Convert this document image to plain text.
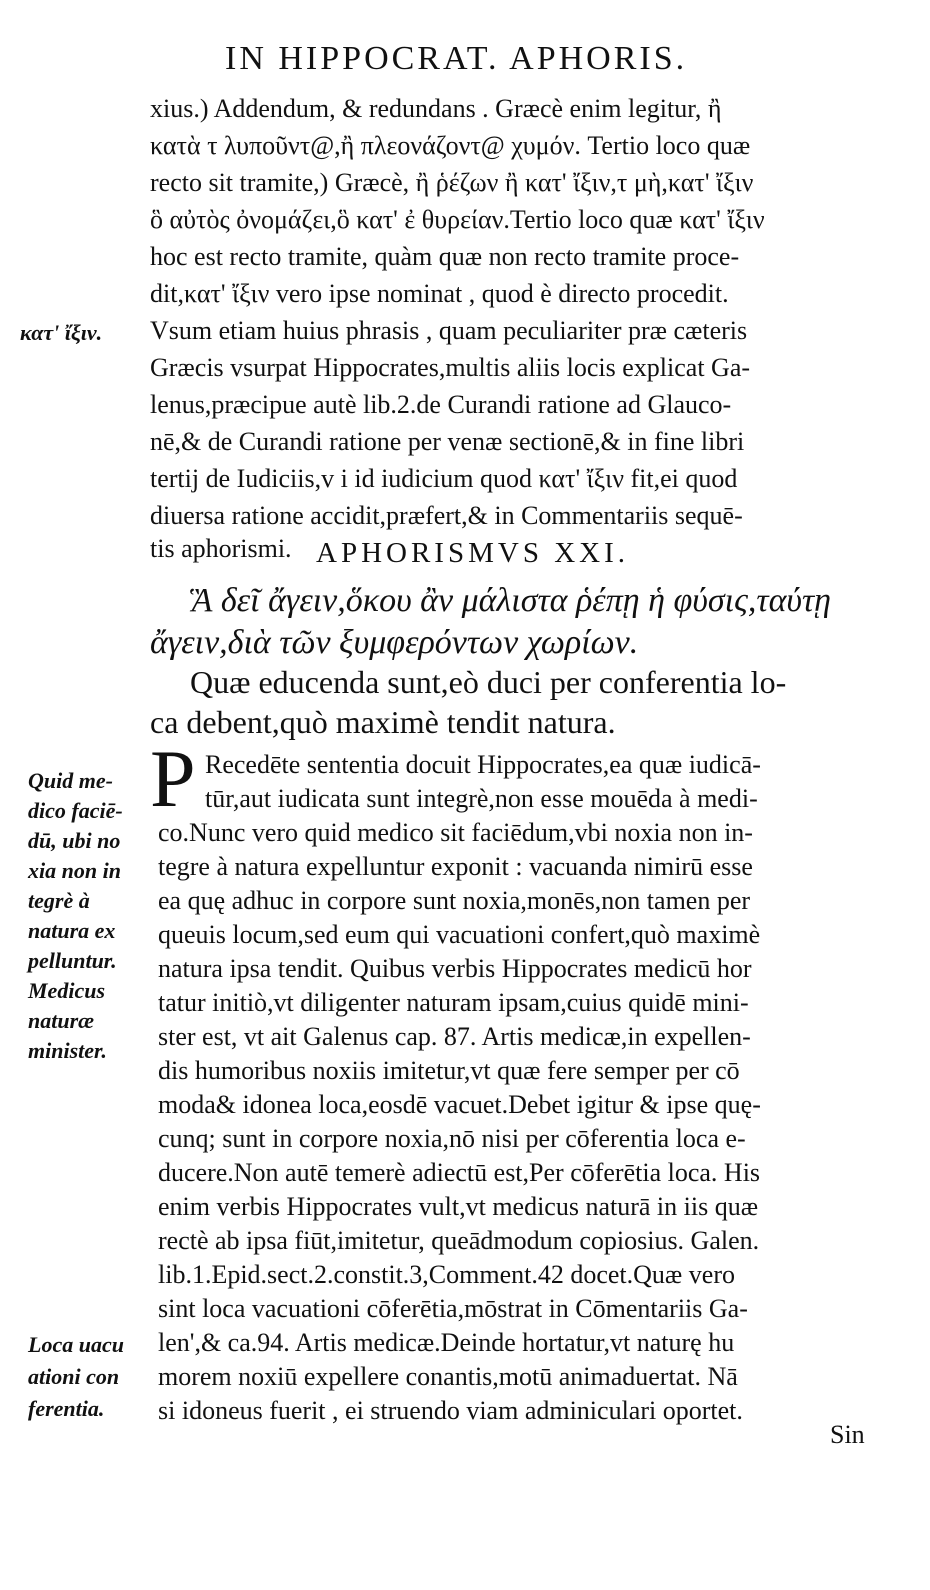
IN HIPPOCRAT. APHORIS.
xius.) Addendum, & redundans . Græcè enim legitur, ἢ
κατὰ τ λυποῦντ@,ἢ πλεονάζοντ@ χυμόν. Tertio loco quæ
recto sit tramite,) Græcè, ἢ ῥέζων ἢ κατ' ἴξιν,τ μὴ,κατ' ἴξιν
ὃ αὐτὸς ὀνομάζει,ὃ κατ' ἐ θυρείαν.Tertio loco quæ κατ' ἴξιν
hoc est recto tramite, quàm quæ non recto tramite proce-
dit,κατ' ἴξιν vero ipse nominat , quod è directo procedit.
Vsum etiam huius phrasis , quam peculiariter præ cæteris
Græcis vsurpat Hippocrates,multis aliis locis explicat Ga-
lenus,præcipue autè lib.2.de Curandi ratione ad Glauco-
nē,& de Curandi ratione per venæ sectionē,& in fine libri
tertij de Iudiciis,v i id iudicium quod κατ' ἴξιν fit,ei quod
diuersa ratione accidit,præfert,& in Commentariis sequē-
tis aphorismi.
κατ' ἴξιν.
APHORISMVS XXI.
Ἃ δεῖ ἄγειν,ὅκου ἂν μάλιστα ῥέπῃ ἡ φύσις,ταύτῃ
ἄγειν,διὰ τῶν ξυμφερόντων χωρίων.
Quæ educenda sunt,eò duci per conferentia lo-
ca debent,quò maximè tendit natura.
P Recedēte sententia docuit Hippocrates,ea quæ iudicā-
tūr,aut iudicata sunt integrè,non esse mouēda à medi-
co.Nunc vero quid medico sit faciēdum,vbi noxia non in-
tegre à natura expelluntur exponit : vacuanda nimirū esse
ea quę adhuc in corpore sunt noxia,monēs,non tamen per
queuis locum,sed eum qui vacuationi confert,quò maximè
natura ipsa tendit. Quibus verbis Hippocrates medicū hor
tatur initiò,vt diligenter naturam ipsam,cuius quidē mini-
ster est, vt ait Galenus cap. 87. Artis medicæ,in expellen-
dis humoribus noxiis imitetur,vt quæ fere semper per cō
moda& idonea loca,eosdē vacuet.Debet igitur & ipse quę-
cunq; sunt in corpore noxia,nō nisi per cōferentia loca e-
ducere.Non autē temerè adiectū est,Per cōferētia loca. His
enim verbis Hippocrates vult,vt medicus naturā in iis quæ
rectè ab ipsa fiūt,imitetur, queādmodum copiosius. Galen.
lib.1.Epid.sect.2.constit.3,Comment.42 docet.Quæ vero
sint loca vacuationi cōferētia,mōstrat in Cōmentariis Ga-
len',& ca.94. Artis medicæ.Deinde hortatur,vt naturę hu
morem noxiū expellere conantis,motū animaduertat. Nā
si idoneus fuerit , ei struendo viam adminiculari oportet.
Quid me-
dico faciē-
dū, ubi no
xia non in
tegrè à
natura ex
pelluntur.
Medicus
naturæ
minister.
Loca uacu
ationi con
ferentia.
Sin
